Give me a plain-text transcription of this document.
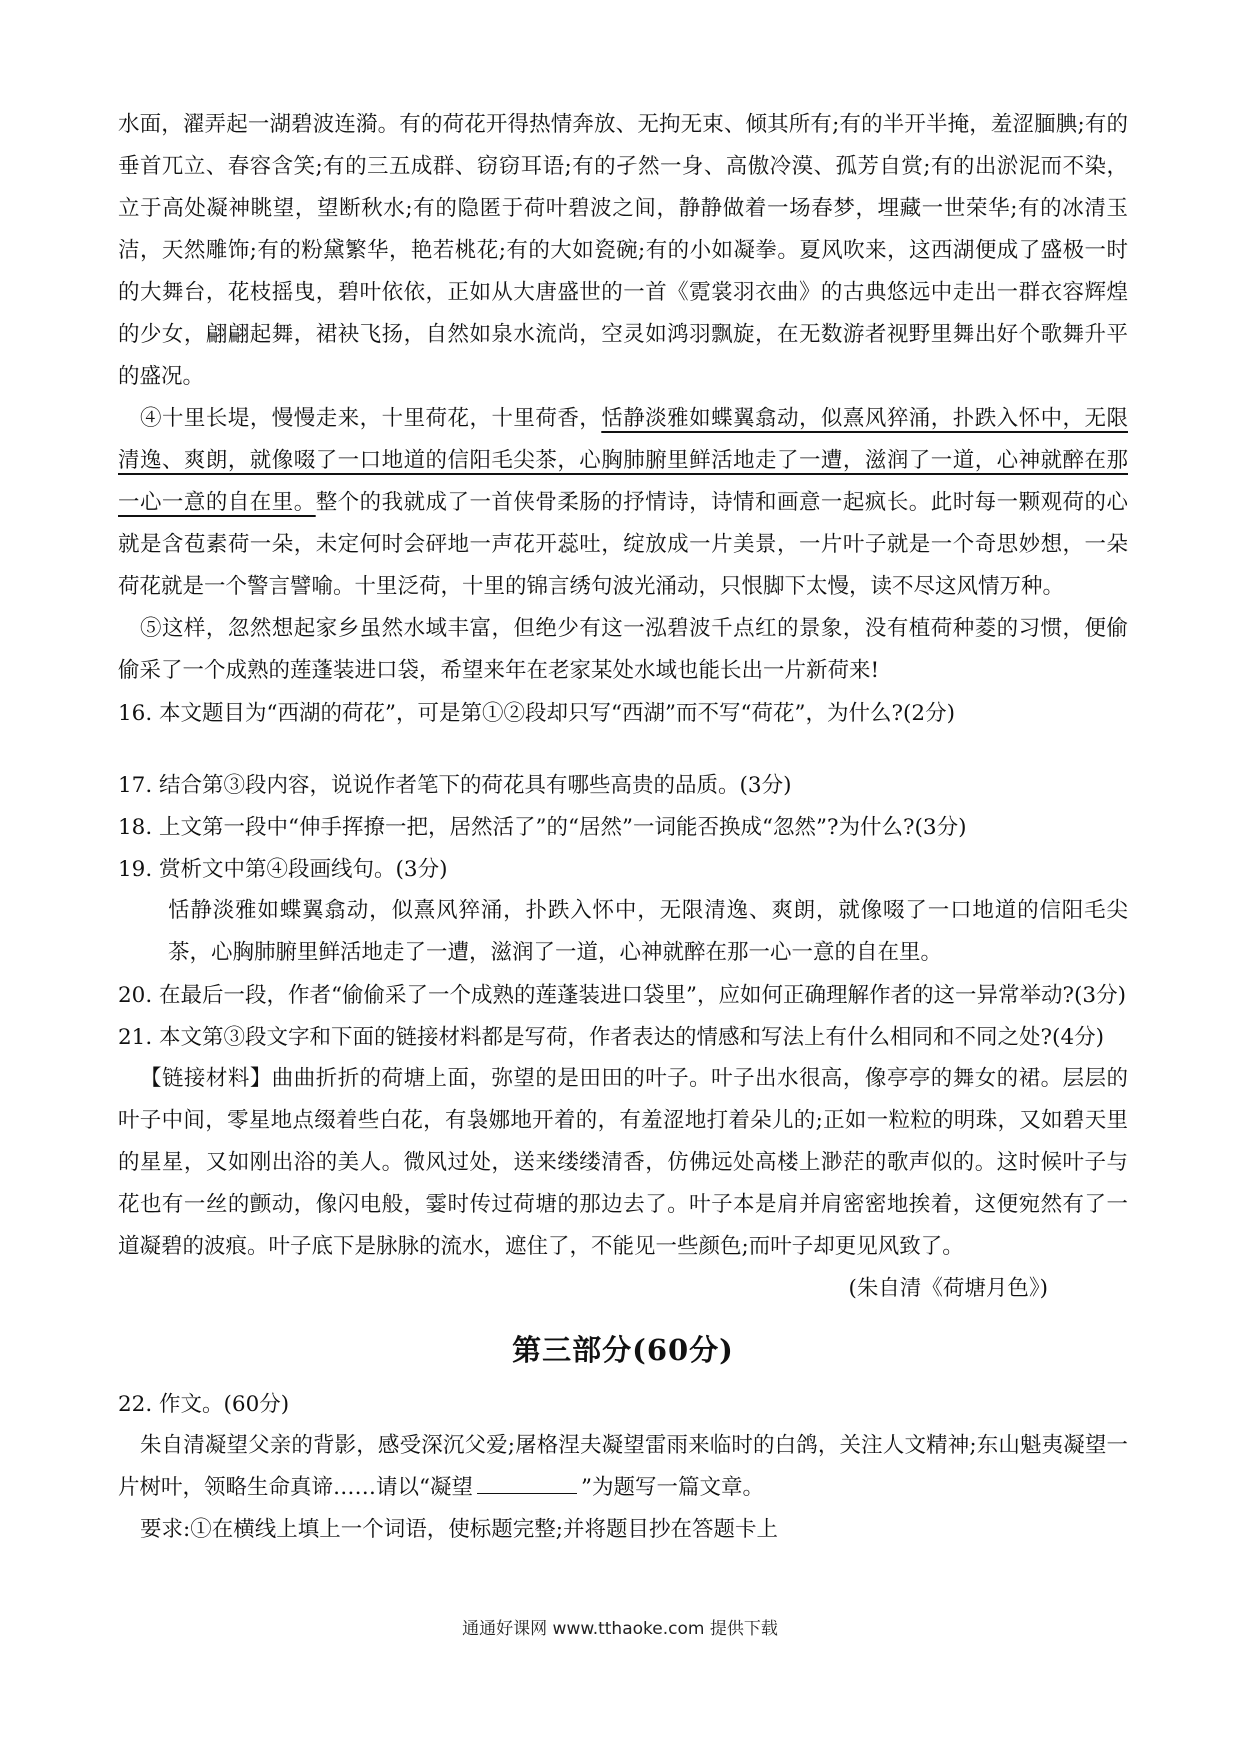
水面，濯弄起一湖碧波连漪。有的荷花开得热情奔放、无拘无束、倾其所有;有的半开半掩，羞涩腼腆;有的垂首兀立、春容含笑;有的三五成群、窃窃耳语;有的孑然一身、高傲冷漠、孤芳自赏;有的出淤泥而不染，立于高处凝神眺望，望断秋水;有的隐匿于荷叶碧波之间，静静做着一场春梦，埋藏一世荣华;有的冰清玉洁，天然雕饰;有的粉黛繁华，艳若桃花;有的大如瓷碗;有的小如凝拳。夏风吹来，这西湖便成了盛极一时的大舞台，花枝摇曳，碧叶依依，正如从大唐盛世的一首《霓裳羽衣曲》的古典悠远中走出一群衣容辉煌的少女，翩翩起舞，裙袂飞扬，自然如泉水流尚，空灵如鸿羽飘旋，在无数游者视野里舞出好个歌舞升平的盛况。

④十里长堤，慢慢走来，十里荷花，十里荷香，恬静淡雅如蝶翼翕动，似熹风猝涌，扑跌入怀中，无限清逸、爽朗，就像啜了一口地道的信阳毛尖茶，心胸肺腑里鲜活地走了一遭，滋润了一道，心神就醉在那一心一意的自在里。整个的我就成了一首侠骨柔肠的抒情诗，诗情和画意一起疯长。此时每一颗观荷的心就是含苞素荷一朵，未定何时会砰地一声花开蕊吐，绽放成一片美景，一片叶子就是一个奇思妙想，一朵荷花就是一个警言譬喻。十里泛荷，十里的锦言绣句波光涌动，只恨脚下太慢，读不尽这风情万种。

⑤这样，忽然想起家乡虽然水域丰富，但绝少有这一泓碧波千点红的景象，没有植荷种菱的习惯，便偷偷采了一个成熟的莲蓬装进口袋，希望来年在老家某处水域也能长出一片新荷来!

16. 本文题目为“西湖的荷花”，可是第①②段却只写“西湖”而不写“荷花”，为什么?(2分)

17. 结合第③段内容，说说作者笔下的荷花具有哪些高贵的品质。(3分)

18. 上文第一段中“伸手挥撩一把，居然活了”的“居然”一词能否换成“忽然”?为什么?(3分)

19. 赏析文中第④段画线句。(3分)

恬静淡雅如蝶翼翕动，似熹风猝涌，扑跌入怀中，无限清逸、爽朗，就像啜了一口地道的信阳毛尖茶，心胸肺腑里鲜活地走了一遭，滋润了一道，心神就醉在那一心一意的自在里。

20. 在最后一段，作者“偷偷采了一个成熟的莲蓬装进口袋里”，应如何正确理解作者的这一异常举动?(3分)

21. 本文第③段文字和下面的链接材料都是写荷，作者表达的情感和写法上有什么相同和不同之处?(4分)

【链接材料】曲曲折折的荷塘上面，弥望的是田田的叶子。叶子出水很高，像亭亭的舞女的裙。层层的叶子中间，零星地点缀着些白花，有袅娜地开着的，有羞涩地打着朵儿的;正如一粒粒的明珠，又如碧天里的星星，又如刚出浴的美人。微风过处，送来缕缕清香，仿佛远处高楼上渺茫的歌声似的。这时候叶子与花也有一丝的颤动，像闪电般，霎时传过荷塘的那边去了。叶子本是肩并肩密密地挨着，这便宛然有了一道凝碧的波痕。叶子底下是脉脉的流水，遮住了，不能见一些颜色;而叶子却更见风致了。

(朱自清《荷塘月色》)

第三部分(60分)

22. 作文。(60分)

朱自清凝望父亲的背影，感受深沉父爱;屠格涅夫凝望雷雨来临时的白鸽，关注人文精神;东山魁夷凝望一片树叶，领略生命真谛……请以“凝望	”为题写一篇文章。

要求:①在横线上填上一个词语，使标题完整;并将题目抄在答题卡上

通通好课网 www.tthaoke.com 提供下载
